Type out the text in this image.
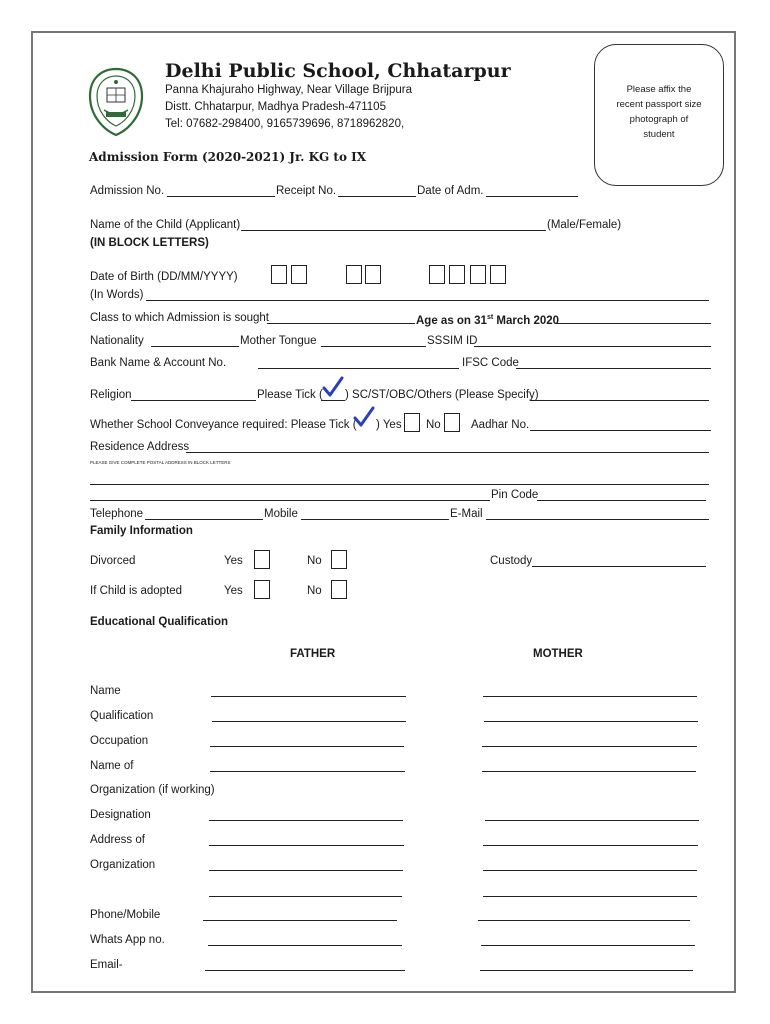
Delhi Public School, Chhatarpur
Panna Khajuraho Highway, Near Village Brijpura
Distt. Chhatarpur, Madhya Pradesh-471105
Tel: 07682-298400, 9165739696, 8718962820,
Admission Form (2020-2021) Jr. KG to IX
Please affix the
recent passport size
photograph of
student
Admission No.	Receipt No.	Date of Adm.
Name of the Child (Applicant)	(Male/Female)
(IN BLOCK LETTERS)
Date of Birth (DD/MM/YYYY)
(In Words)
Class to which Admission is sought	Age as on 31st March 2020
Nationality	Mother Tongue	SSSIM ID
Bank Name & Account No.	IFSC Code
Religion	Please Tick ( ) SC/ST/OBC/Others (Please Specify)
Whether School Conveyance required: Please Tick ( ) Yes No	Aadhar No.
Residence Address
PLEASE GIVE COMPLETE POSTAL ADDRESS IN BLOCK LETTERS
Pin Code
Telephone	Mobile	E-Mail
Family Information
Divorced	Yes	No	Custody
If Child is adopted	Yes	No
Educational Qualification
FATHER	MOTHER
Name
Qualification
Occupation
Name of
Organization (if working)
Designation
Address of
Organization
Phone/Mobile
Whats App no.
Email-
